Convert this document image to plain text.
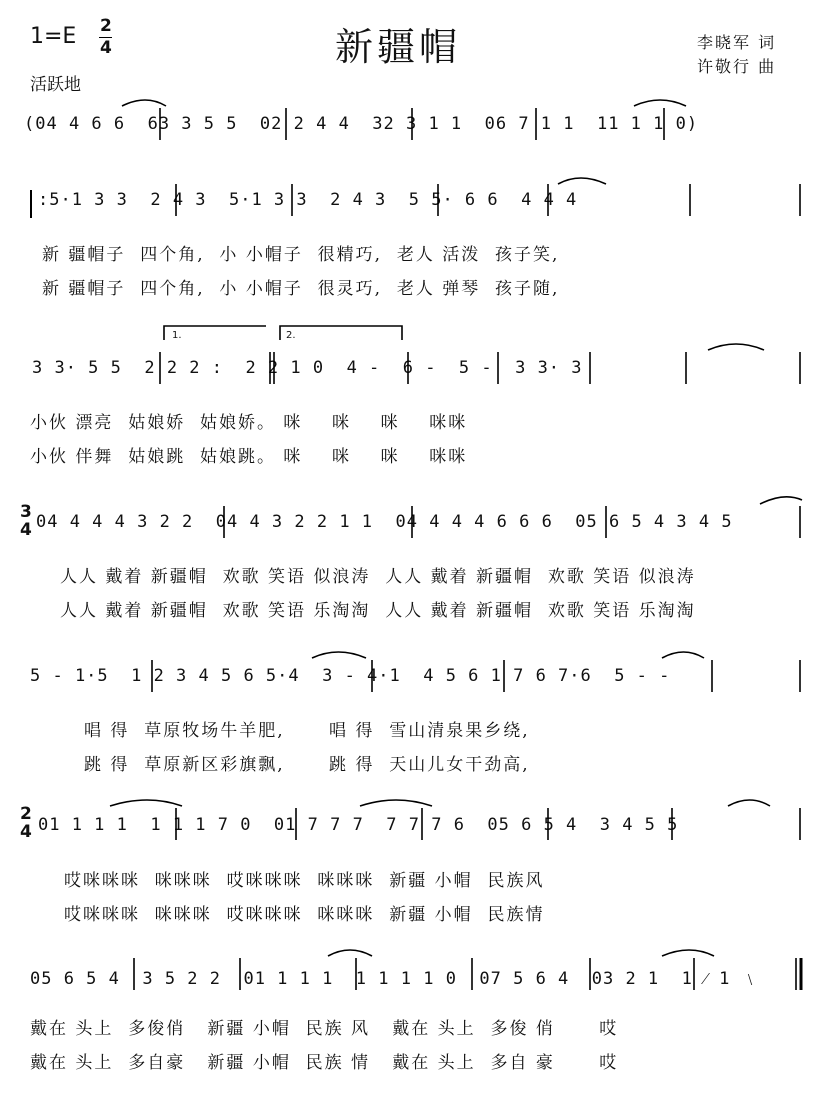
1=E 2
4	新疆帽
活跃地
李晓军 词
许敬行 曲
(04 4 6 6  63 3 5 5  02 2 4 4  32 3 1 1  06 7 1 1  11 1 1 0)
:5·1 3 3  2 4 3  5·1 3 3  2 4 3  5 5· 6 6  4 4 4
新 疆帽子  四个角,  小 小帽子  很精巧,  老人 活泼  孩子笑,
新 疆帽子  四个角,  小 小帽子  很灵巧,  老人 弹琴  孩子随,
1.	2.
3 3· 5 5  2 2 2 :  2 2 1 0  4 -  6 -  5 -  3 3· 3
小伙 漂亮  姑娘娇  姑娘娇。 咪    咪    咪    咪咪
小伙 伴舞  姑娘跳  姑娘跳。 咪    咪    咪    咪咪
3
4 04 4 4 4 3 2 2  04 4 3 2 2 1 1  04 4 4 4 6 6 6  05 6 5 4 3 4 5
人人 戴着 新疆帽  欢歌 笑语 似浪涛  人人 戴着 新疆帽  欢歌 笑语 似浪涛
人人 戴着 新疆帽  欢歌 笑语 乐淘淘  人人 戴着 新疆帽  欢歌 笑语 乐淘淘
5 - 1·5  1 2 3 4 5 6 5·4  3 - 4·1  4 5 6 1 7 6 7·6  5 - -
唱 得  草原牧场牛羊肥,      唱 得  雪山清泉果乡绕,
跳 得  草原新区彩旗飘,      跳 得  天山儿女干劲高,
2
4 01 1 1 1  1 1 1 7 0  01 7 7 7  7 7 7 6  05 6 5 4  3 4 5 5
哎咪咪咪  咪咪咪  哎咪咪咪  咪咪咪  新疆 小帽  民族风
哎咪咪咪  咪咪咪  哎咪咪咪  咪咪咪  新疆 小帽  民族情
05 6 5 4  3 5 2 2  01 1 1 1  1 1 1 1 0  07 5 6 4  03 2 1  1 ⁄ 1 ﹨
戴在 头上  多俊俏   新疆 小帽  民族 风   戴在 头上  多俊 俏      哎
戴在 头上  多自豪   新疆 小帽  民族 情   戴在 头上  多自 豪      哎
